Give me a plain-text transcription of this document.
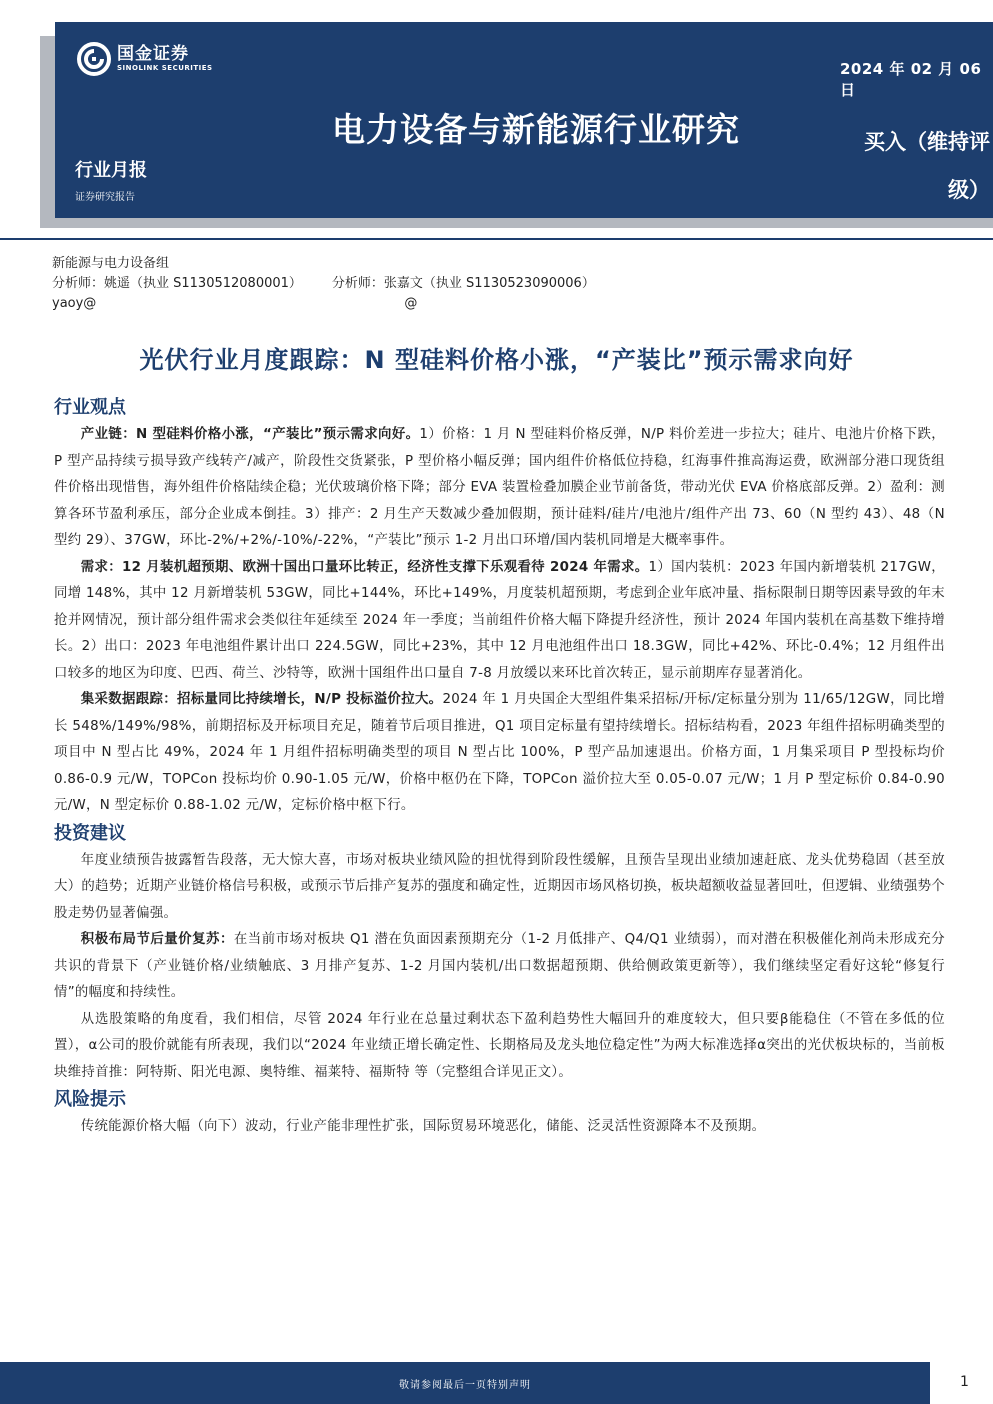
国金证券
SINOLINK SECURITIES	2024 年 02 月 06 日
电力设备与新能源行业研究	买入（维持评级）
行业月报
证券研究报告
新能源与电力设备组
分析师：姚遥（执业 S1130512080001） 分析师：张嘉文（执业 S1130523090006）
yaoy@	@
光伏行业月度跟踪：N 型硅料价格小涨，“产装比”预示需求向好
行业观点

产业链：N 型硅料价格小涨，“产装比”预示需求向好。1）价格：1 月 N 型硅料价格反弹，N/P 料价差进一步拉大；硅片、电池片价格下跌，P 型产品持续亏损导致产线转产/减产，阶段性交货紧张，P 型价格小幅反弹；国内组件价格低位持稳，红海事件推高海运费，欧洲部分港口现货组件价格出现惜售，海外组件价格陆续企稳；光伏玻璃价格下降；部分 EVA 装置检叠加膜企业节前备货，带动光伏 EVA 价格底部反弹。2）盈利：测算各环节盈利承压，部分企业成本倒挂。3）排产：2 月生产天数减少叠加假期，预计硅料/硅片/电池片/组件产出 73、60（N 型约 43）、48（N 型约 29）、37GW，环比-2%/+2%/-10%/-22%，“产装比”预示 1-2 月出口环增/国内装机同增是大概率事件。

需求：12 月装机超预期、欧洲十国出口量环比转正，经济性支撑下乐观看待 2024 年需求。1）国内装机：2023 年国内新增装机 217GW，同增 148%，其中 12 月新增装机 53GW，同比+144%，环比+149%，月度装机超预期，考虑到企业年底冲量、指标限制日期等因素导致的年末抢并网情况，预计部分组件需求会类似往年延续至 2024 年一季度；当前组件价格大幅下降提升经济性，预计 2024 年国内装机在高基数下维持增长。2）出口：2023 年电池组件累计出口 224.5GW，同比+23%，其中 12 月电池组件出口 18.3GW，同比+42%、环比-0.4%；12 月组件出口较多的地区为印度、巴西、荷兰、沙特等，欧洲十国组件出口量自 7-8 月放缓以来环比首次转正，显示前期库存显著消化。

集采数据跟踪：招标量同比持续增长，N/P 投标溢价拉大。2024 年 1 月央国企大型组件集采招标/开标/定标量分别为 11/65/12GW，同比增长 548%/149%/98%，前期招标及开标项目充足，随着节后项目推进，Q1 项目定标量有望持续增长。招标结构看，2023 年组件招标明确类型的项目中 N 型占比 49%，2024 年 1 月组件招标明确类型的项目 N 型占比 100%，P 型产品加速退出。价格方面，1 月集采项目 P 型投标均价 0.86-0.9 元/W，TOPCon 投标均价 0.90-1.05 元/W，价格中枢仍在下降，TOPCon 溢价拉大至 0.05-0.07 元/W；1 月 P 型定标价 0.84-0.90 元/W，N 型定标价 0.88-1.02 元/W，定标价格中枢下行。

投资建议

年度业绩预告披露暂告段落，无大惊大喜，市场对板块业绩风险的担忧得到阶段性缓解，且预告呈现出业绩加速赶底、龙头优势稳固（甚至放大）的趋势；近期产业链价格信号积极，或预示节后排产复苏的强度和确定性，近期因市场风格切换，板块超额收益显著回吐，但逻辑、业绩强势个股走势仍显著偏强。

积极布局节后量价复苏：在当前市场对板块 Q1 潜在负面因素预期充分（1-2 月低排产、Q4/Q1 业绩弱），而对潜在积极催化剂尚未形成充分共识的背景下（产业链价格/业绩触底、3 月排产复苏、1-2 月国内装机/出口数据超预期、供给侧政策更新等），我们继续坚定看好这轮“修复行情”的幅度和持续性。

从选股策略的角度看，我们相信，尽管 2024 年行业在总量过剩状态下盈利趋势性大幅回升的难度较大，但只要β能稳住（不管在多低的位置），α公司的股价就能有所表现，我们以“2024 年业绩正增长确定性、长期格局及龙头地位稳定性”为两大标准选择α突出的光伏板块标的，当前板块维持首推：阿特斯、阳光电源、奥特维、福莱特、福斯特 等（完整组合详见正文）。

风险提示

传统能源价格大幅（向下）波动，行业产能非理性扩张，国际贸易环境恶化，储能、泛灵活性资源降本不及预期。

敬请参阅最后一页特别声明	1
